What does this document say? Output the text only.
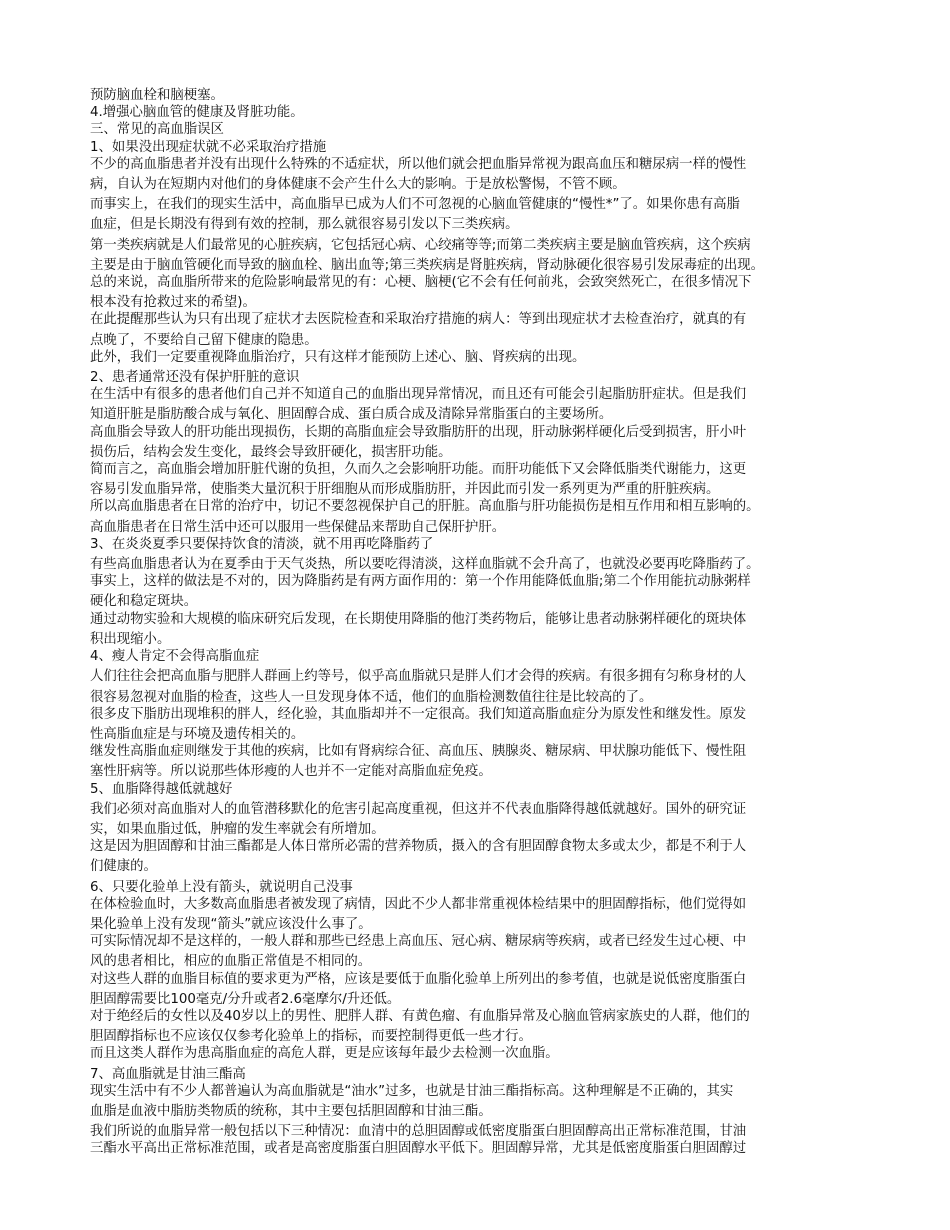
预防脑血栓和脑梗塞。

4.增强心脑血管的健康及肾脏功能。

三、常见的高血脂误区

1、如果没出现症状就不必采取治疗措施

不少的高血脂患者并没有出现什么特殊的不适症状，所以他们就会把血脂异常视为跟高血压和糖尿病一样的慢性

病，自认为在短期内对他们的身体健康不会产生什么大的影响。于是放松警惕，不管不顾。

而事实上，在我们的现实生活中，高血脂早已成为人们不可忽视的心脑血管健康的“慢性*”了。如果你患有高脂

血症，但是长期没有得到有效的控制，那么就很容易引发以下三类疾病。

第一类疾病就是人们最常见的心脏疾病，它包括冠心病、心绞痛等等;而第二类疾病主要是脑血管疾病，这个疾病

主要是由于脑血管硬化而导致的脑血栓、脑出血等;第三类疾病是肾脏疾病，肾动脉硬化很容易引发尿毒症的出现。

总的来说，高血脂所带来的危险影响最常见的有：心梗、脑梗(它不会有任何前兆，会致突然死亡，在很多情况下

根本没有抢救过来的希望)。

在此提醒那些认为只有出现了症状才去医院检查和采取治疗措施的病人：等到出现症状才去检查治疗，就真的有

点晚了，不要给自己留下健康的隐患。

此外，我们一定要重视降血脂治疗，只有这样才能预防上述心、脑、肾疾病的出现。

2、患者通常还没有保护肝脏的意识

在生活中有很多的患者他们自己并不知道自己的血脂出现异常情况，而且还有可能会引起脂肪肝症状。但是我们

知道肝脏是脂肪酸合成与氧化、胆固醇合成、蛋白质合成及清除异常脂蛋白的主要场所。

高血脂会导致人的肝功能出现损伤，长期的高脂血症会导致脂肪肝的出现，肝动脉粥样硬化后受到损害，肝小叶

损伤后，结构会发生变化，最终会导致肝硬化，损害肝功能。

简而言之，高血脂会增加肝脏代谢的负担，久而久之会影响肝功能。而肝功能低下又会降低脂类代谢能力，这更

容易引发血脂异常，使脂类大量沉积于肝细胞从而形成脂肪肝，并因此而引发一系列更为严重的肝脏疾病。

所以高血脂患者在日常的治疗中，切记不要忽视保护自己的肝脏。高血脂与肝功能损伤是相互作用和相互影响的。

高血脂患者在日常生活中还可以服用一些保健品来帮助自己保肝护肝。

3、在炎炎夏季只要保持饮食的清淡，就不用再吃降脂药了

有些高血脂患者认为在夏季由于天气炎热，所以要吃得清淡，这样血脂就不会升高了，也就没必要再吃降脂药了。

事实上，这样的做法是不对的，因为降脂药是有两方面作用的：第一个作用能降低血脂;第二个作用能抗动脉粥样

硬化和稳定斑块。

通过动物实验和大规模的临床研究后发现，在长期使用降脂的他汀类药物后，能够让患者动脉粥样硬化的斑块体

积出现缩小。

4、瘦人肯定不会得高脂血症

人们往往会把高血脂与肥胖人群画上约等号，似乎高血脂就只是胖人们才会得的疾病。有很多拥有匀称身材的人

很容易忽视对血脂的检查，这些人一旦发现身体不适，他们的血脂检测数值往往是比较高的了。

很多皮下脂肪出现堆积的胖人，经化验，其血脂却并不一定很高。我们知道高脂血症分为原发性和继发性。原发

性高脂血症是与环境及遗传相关的。

继发性高脂血症则继发于其他的疾病，比如有肾病综合征、高血压、胰腺炎、糖尿病、甲状腺功能低下、慢性阻

塞性肝病等。所以说那些体形瘦的人也并不一定能对高脂血症免疫。

5、血脂降得越低就越好

我们必须对高血脂对人的血管潜移默化的危害引起高度重视，但这并不代表血脂降得越低就越好。国外的研究证

实，如果血脂过低，肿瘤的发生率就会有所增加。

这是因为胆固醇和甘油三酯都是人体日常所必需的营养物质，摄入的含有胆固醇食物太多或太少，都是不利于人

们健康的。

6、只要化验单上没有箭头，就说明自己没事

在体检验血时，大多数高血脂患者被发现了病情，因此不少人都非常重视体检结果中的胆固醇指标，他们觉得如

果化验单上没有发现“箭头”就应该没什么事了。

可实际情况却不是这样的，一般人群和那些已经患上高血压、冠心病、糖尿病等疾病，或者已经发生过心梗、中

风的患者相比，相应的血脂正常值是不相同的。

对这些人群的血脂目标值的要求更为严格，应该是要低于血脂化验单上所列出的参考值，也就是说低密度脂蛋白

胆固醇需要比100毫克/分升或者2.6毫摩尔/升还低。

对于绝经后的女性以及40岁以上的男性、肥胖人群、有黄色瘤、有血脂异常及心脑血管病家族史的人群，他们的

胆固醇指标也不应该仅仅参考化验单上的指标，而要控制得更低一些才行。

而且这类人群作为患高脂血症的高危人群，更是应该每年最少去检测一次血脂。

7、高血脂就是甘油三酯高

现实生活中有不少人都普遍认为高血脂就是“油水”过多，也就是甘油三酯指标高。这种理解是不正确的，其实

血脂是血液中脂肪类物质的统称，其中主要包括胆固醇和甘油三酯。

我们所说的血脂异常一般包括以下三种情况：血清中的总胆固醇或低密度脂蛋白胆固醇高出正常标准范围，甘油

三酯水平高出正常标准范围，或者是高密度脂蛋白胆固醇水平低下。胆固醇异常，尤其是低密度脂蛋白胆固醇过
